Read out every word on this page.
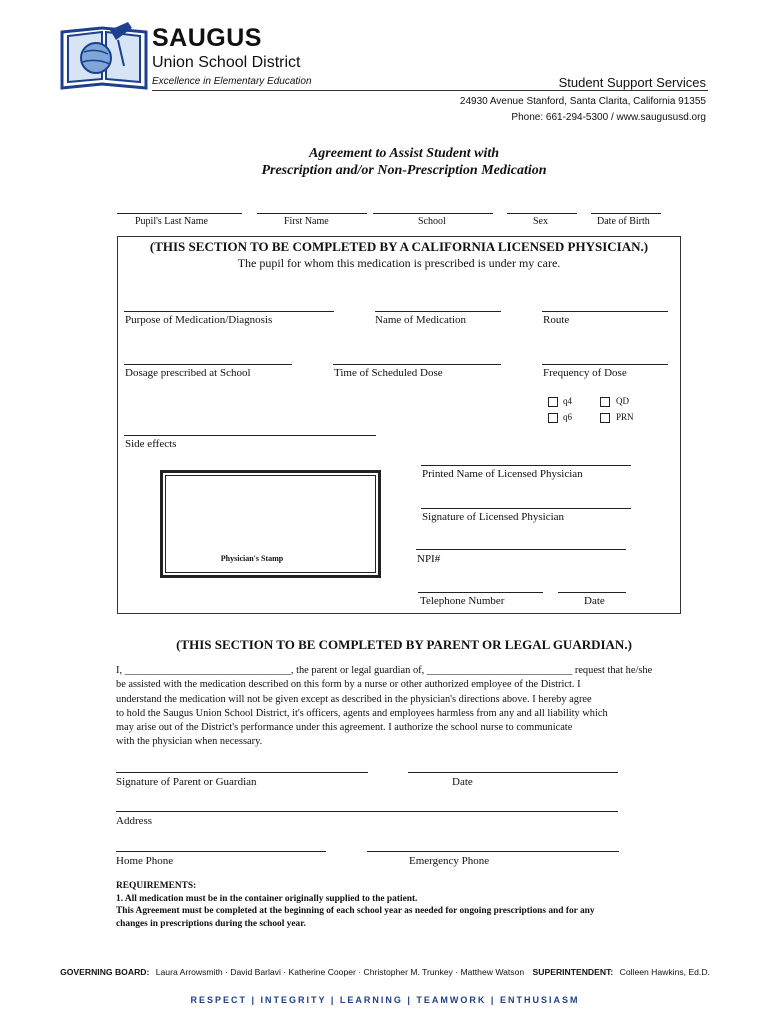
SAUGUS
Union School District
Excellence in Elementary Education	Student Support Services
24930 Avenue Stanford, Santa Clarita, California 91355
Phone: 661-294-5300 / www.saugususd.org
Agreement to Assist Student with
Prescription and/or Non-Prescription Medication
Pupil's Last Name	First Name	School	Sex	Date of Birth
(THIS SECTION TO BE COMPLETED BY A CALIFORNIA LICENSED PHYSICIAN.)
The pupil for whom this medication is prescribed is under my care.
Purpose of Medication/Diagnosis	Name of Medication	Route
Dosage prescribed at School	Time of Scheduled Dose	Frequency of Dose
q4	QD
q6	PRN
Side effects
Physician's Stamp
Printed Name of Licensed Physician
Signature of Licensed Physician
NPI#
Telephone Number	Date
(THIS SECTION TO BE COMPLETED BY PARENT OR LEGAL GUARDIAN.)
I, ________________________________, the parent or legal guardian of, ____________________________ request that he/she
be assisted with the medication described on this form by a nurse or other authorized employee of the District. I
understand the medication will not be given except as described in the physician's directions above. I hereby agree
to hold the Saugus Union School District, it's officers, agents and employees harmless from any and all liability which
may arise out of the District's performance under this agreement. I authorize the school nurse to communicate
with the physician when necessary.
Signature of Parent or Guardian	Date
Address
Home Phone	Emergency Phone
REQUIREMENTS:
1. All medication must be in the container originally supplied to the patient.
This Agreement must be completed at the beginning of each school year as needed for ongoing prescriptions and for any
changes in prescriptions during the school year.
GOVERNING BOARD: Laura Arrowsmith · David Barlavi · Katherine Cooper · Christopher M. Trunkey · Matthew Watson SUPERINTENDENT: Colleen Hawkins, Ed.D.
RESPECT | INTEGRITY | LEARNING | TEAMWORK | ENTHUSIASM
